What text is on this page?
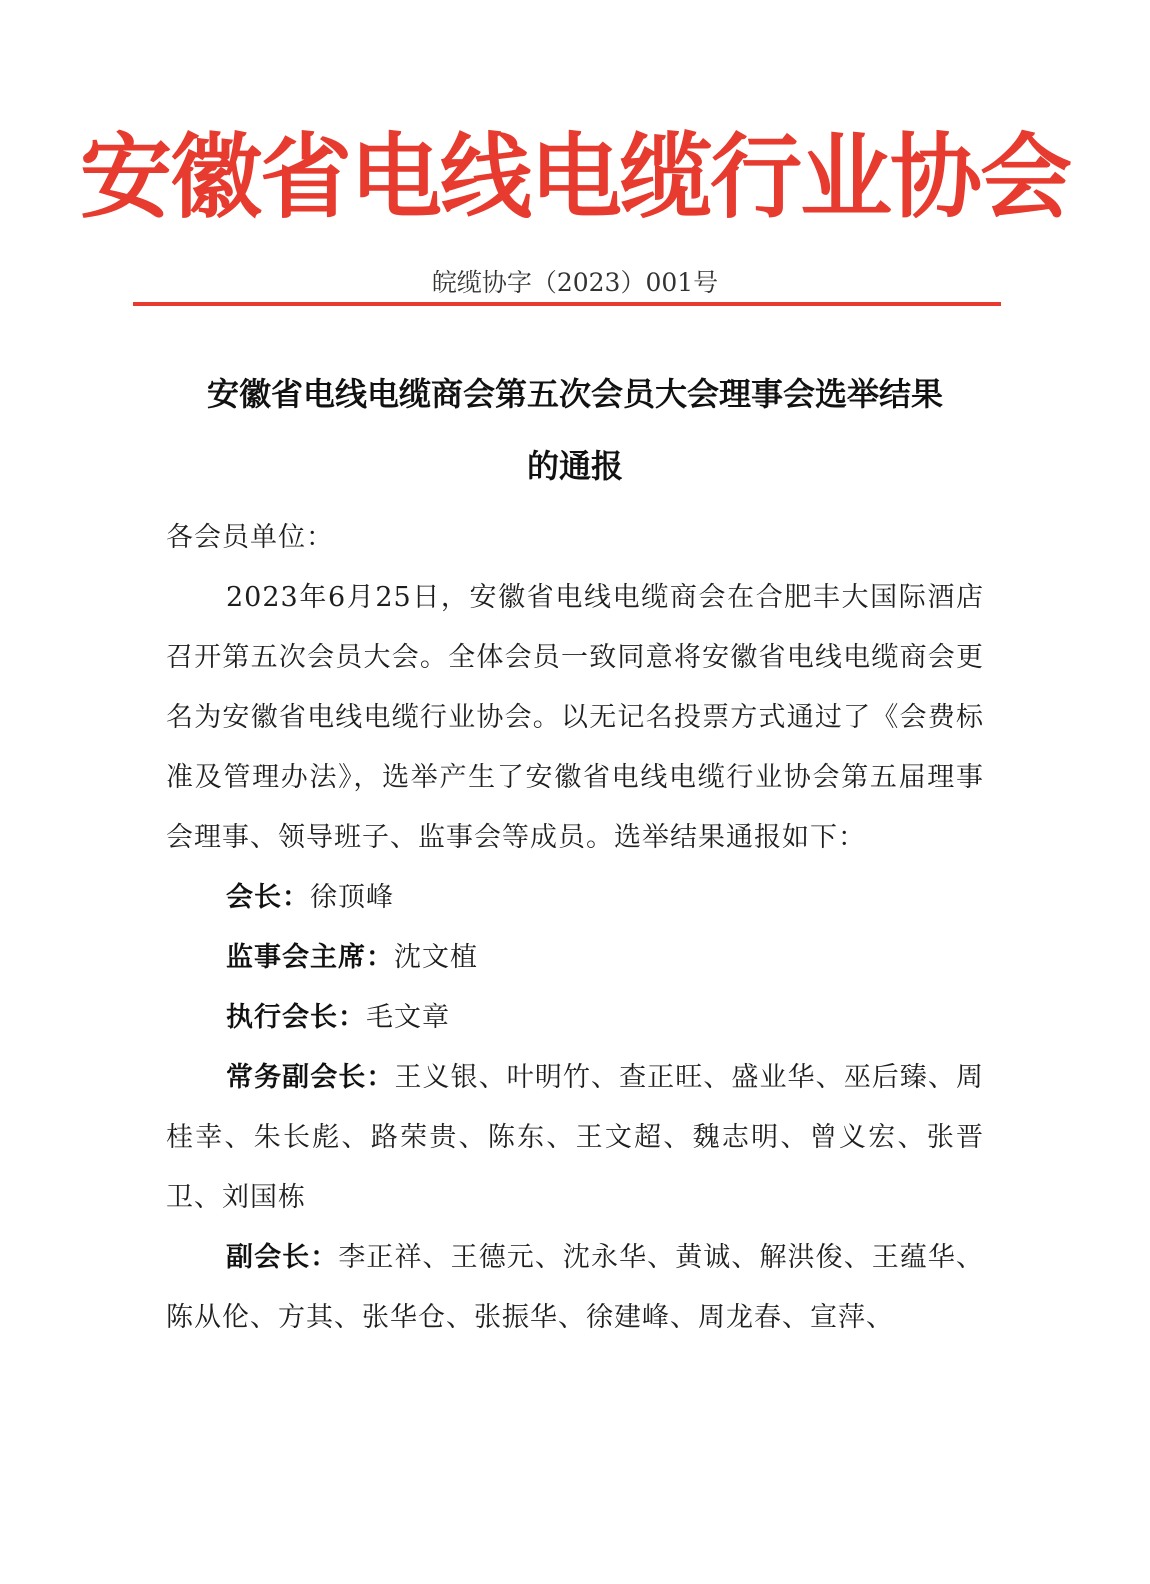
安徽省电线电缆行业协会
皖缆协字（2023）001号
安徽省电线电缆商会第五次会员大会理事会选举结果
的通报

各会员单位：

2023年6月25日，安徽省电线电缆商会在合肥丰大国际酒店召开第五次会员大会。全体会员一致同意将安徽省电线电缆商会更名为安徽省电线电缆行业协会。以无记名投票方式通过了《会费标准及管理办法》，选举产生了安徽省电线电缆行业协会第五届理事会理事、领导班子、监事会等成员。选举结果通报如下：

会长：徐顶峰

监事会主席：沈文植

执行会长：毛文章

常务副会长：王义银、叶明竹、查正旺、盛业华、巫后臻、周桂幸、朱长彪、路荣贵、陈东、王文超、魏志明、曾义宏、张晋卫、刘国栋

副会长：李正祥、王德元、沈永华、黄诚、解洪俊、王蕴华、陈从伦、方其、张华仓、张振华、徐建峰、周龙春、宣萍、
